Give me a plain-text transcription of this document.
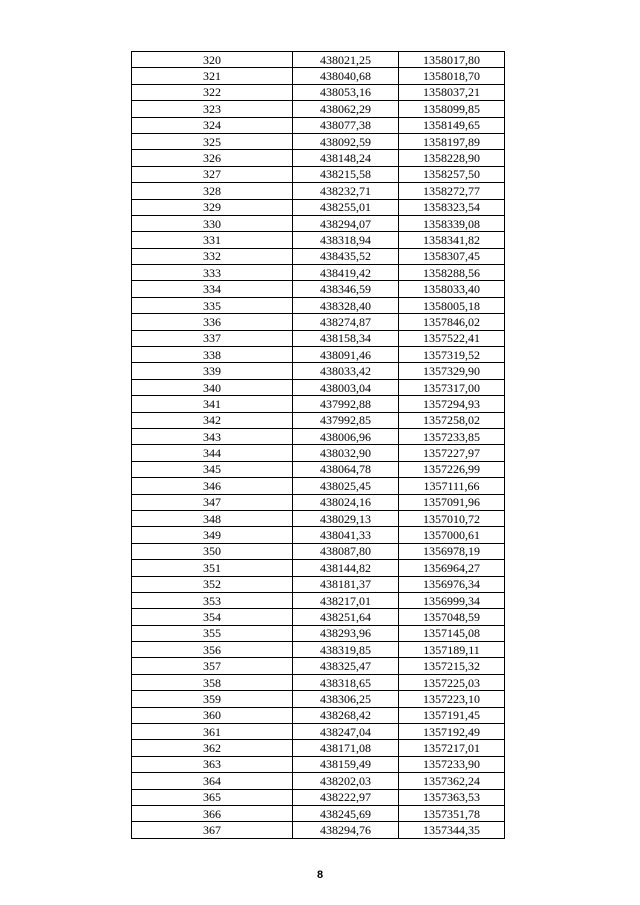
320	438021,25	1358017,80
321	438040,68	1358018,70
322	438053,16	1358037,21
323	438062,29	1358099,85
324	438077,38	1358149,65
325	438092,59	1358197,89
326	438148,24	1358228,90
327	438215,58	1358257,50
328	438232,71	1358272,77
329	438255,01	1358323,54
330	438294,07	1358339,08
331	438318,94	1358341,82
332	438435,52	1358307,45
333	438419,42	1358288,56
334	438346,59	1358033,40
335	438328,40	1358005,18
336	438274,87	1357846,02
337	438158,34	1357522,41
338	438091,46	1357319,52
339	438033,42	1357329,90
340	438003,04	1357317,00
341	437992,88	1357294,93
342	437992,85	1357258,02
343	438006,96	1357233,85
344	438032,90	1357227,97
345	438064,78	1357226,99
346	438025,45	1357111,66
347	438024,16	1357091,96
348	438029,13	1357010,72
349	438041,33	1357000,61
350	438087,80	1356978,19
351	438144,82	1356964,27
352	438181,37	1356976,34
353	438217,01	1356999,34
354	438251,64	1357048,59
355	438293,96	1357145,08
356	438319,85	1357189,11
357	438325,47	1357215,32
358	438318,65	1357225,03
359	438306,25	1357223,10
360	438268,42	1357191,45
361	438247,04	1357192,49
362	438171,08	1357217,01
363	438159,49	1357233,90
364	438202,03	1357362,24
365	438222,97	1357363,53
366	438245,69	1357351,78
367	438294,76	1357344,35
8
